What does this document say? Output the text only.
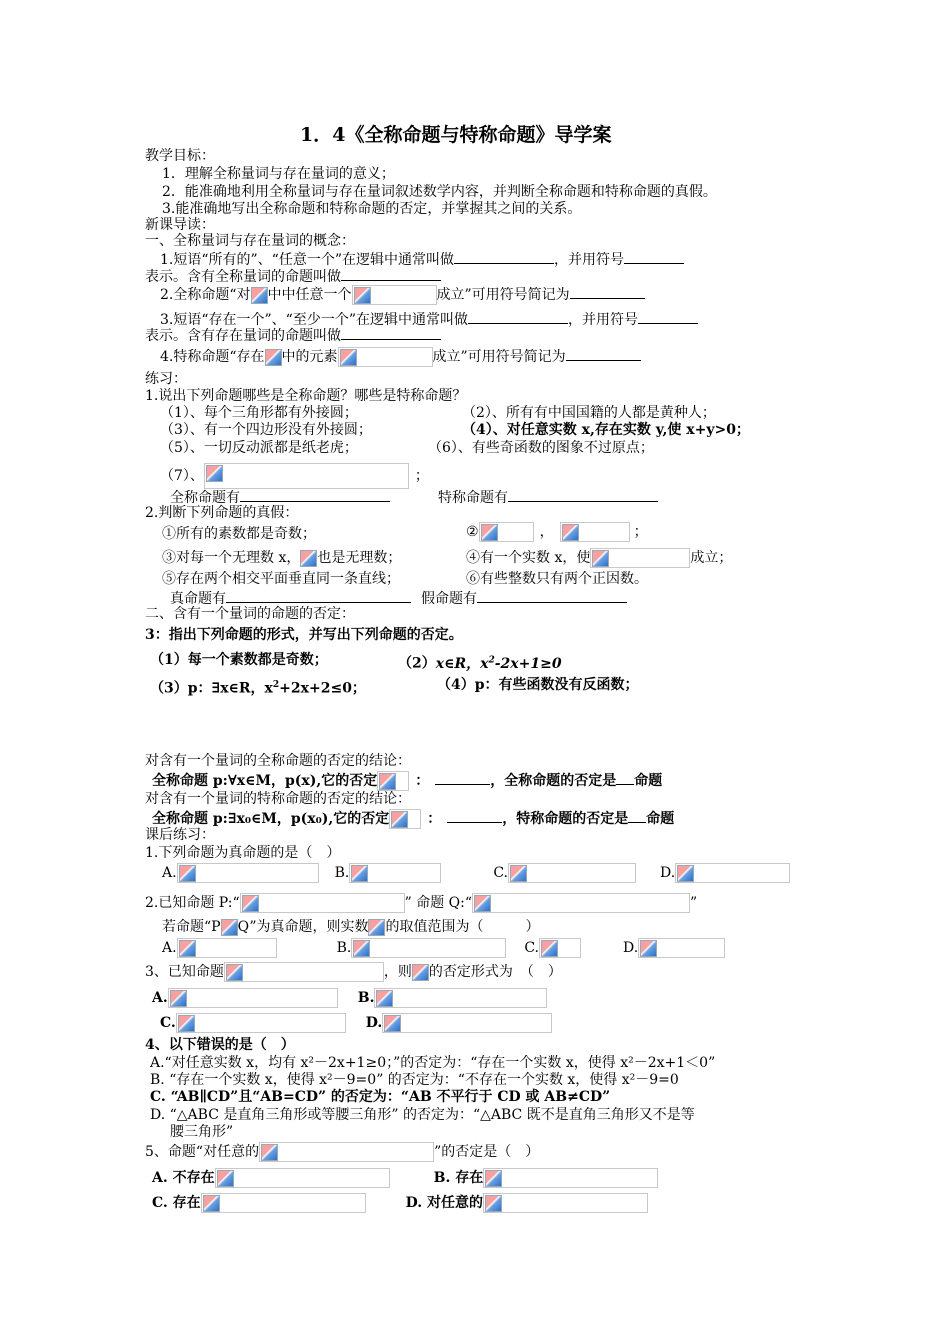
1．4《全称命题与特称命题》导学案
教学目标：
1．理解全称量词与存在量词的意义；
2．能准确地利用全称量词与存在量词叙述数学内容，并判断全称命题和特称命题的真假。
3.能准确地写出全称命题和特称命题的否定，并掌握其之间的关系。
新课导读：
一、全称量词与存在量词的概念：
1.短语“所有的”、“任意一个”在逻辑中通常叫做	，并用符号
表示。含有全称量词的命题叫做
2.全称命题“对 中中任意一个	成立”可用符号简记为
3.短语“存在一个”、“至少一个”在逻辑中通常叫做	，并用符号
表示。含有存在量词的命题叫做
4.特称命题“存在 中的元素	成立”可用符号简记为
练习：
1.说出下列命题哪些是全称命题？哪些是特称命题？
（1）、每个三角形都有外接圆；	（2）、所有有中国国籍的人都是黄种人；
（3）、有一个四边形没有外接圆；	（4）、对任意实数 x,存在实数 y,使 x+y>0；
（5）、一切反动派都是纸老虎；	（6）、有些奇函数的图象不过原点；
（7）、	；
全称命题有	特称命题有
2.判断下列命题的真假：
①所有的素数都是奇数；	②	，	；
③对每一个无理数 x， 也是无理数；	④有一个实数 x，使	成立；
⑤存在两个相交平面垂直同一条直线；	⑥有些整数只有两个正因数。
真命题有	假命题有
二、含有一个量词的命题的否定：
3：指出下列命题的形式，并写出下列命题的否定。
（1）每一个素数都是奇数；	（2）x∈R，$x^2-2x+1\ge 0$
（3）p：∃x∈R，$x^2+2x+2\le 0$；	（4）p：有些函数没有反函数；
对含有一个量词的全称命题的否定的结论：
全称命题 p:∀x∈M，p(x),它的否定	：	，全称命题的否定是 命题
对含有一个量词的特称命题的否定的结论：
全称命题 p:∃x₀∈M，p(x₀),它的否定	：	，特称命题的否定是 命题
课后练习：
1.下列命题为真命题的是（　）
A.	B.	C.	D.
2.已知命题 P:“	” 命题 Q:“	”
若命题“P Q”为真命题，则实数 的取值范围为（　　　）
A.	B.	C.	D.
3、已知命题	，则 的否定形式为　（　）
A.	B.
C.	D.
4、以下错误的是（　）
A.“对任意实数 x，均有 x²－2x+1≥0；”的否定为：“存在一个实数 x，使得 x²－2x+1＜0”
B. “存在一个实数 x，使得 x²－9=0” 的否定为：“不存在一个实数 x，使得 x²－9=0
C. “AB∥CD”且“AB=CD” 的否定为：“AB 不平行于 CD 或 AB≠CD”
D. “△ABC 是直角三角形或等腰三角形” 的否定为：“△ABC 既不是直角三角形又不是等
腰三角形”
5、命题“对任意的	”的否定是（　）
A. 不存在	B. 存在
C. 存在	D. 对任意的
